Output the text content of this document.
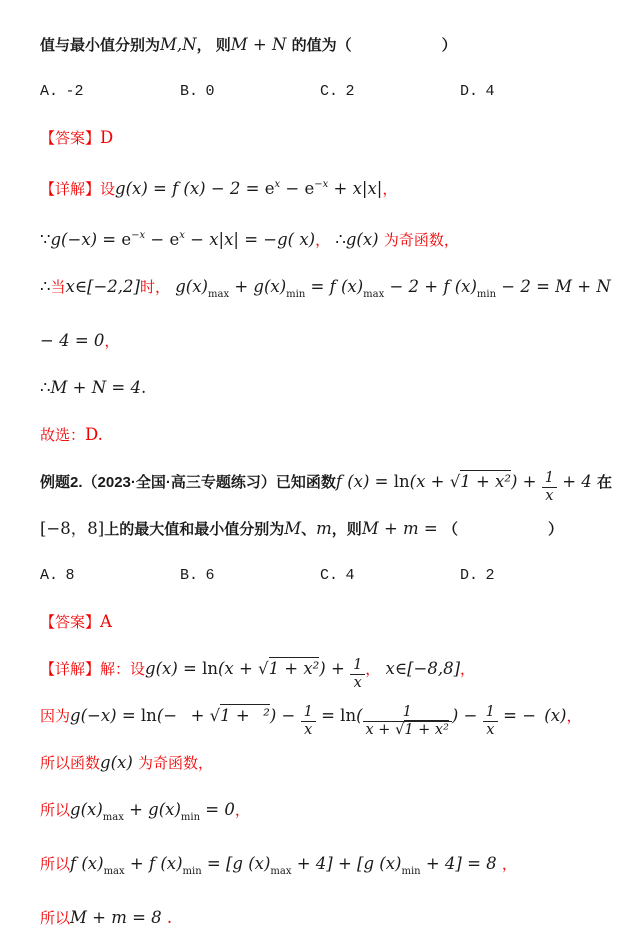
值与最小值分别为M,N， 则M + N 的值为（　　　　　　）
A. -2	B. 0	C. 2	D. 4
【答案】D
【详解】设g(x) = f $(x) - 2 = e^x - e^{-x} + x|x|$，
∵g(−x) = $e^{-x} - e^x - x|x| = -g$( x)， ∴g(x) 为奇函数，
∴当x∈[−2,2]时， $g(x)_{max} + g(x)_{min} = f$ $(x)_{max} - 2 + f$ $(x)_{min} - 2 = M + N - 4 = 0$，
∴M + N = 4.
故选：D.
例题2.（2023·全国·高三专题练习）已知函数f $(x) = \ln(x + √1 + x^2) + \frac{1}{x} + 4$ 在[−8，8]上的最大值和最小值分别为M、m，则M + m = （　　　　　　）
A. 8	B. 6	C. 4	D. 2
【答案】A
【详解】解：设$g(x) = \ln(x + √1 + x^2) + \frac{1}{x}$ ， x∈[−8,8]，
因为g(−x) = ln(−  + √1 +  $^2) - \frac{1}{x} = \ln( \frac{1}{\text{x + √1 + x²}}$ ) − $\frac{1}{x}$ = − (x)，
所以函数g(x) 为奇函数，
所以$g(x)_{max} + g(x)_{min} = 0$，
所以f $(x)_{max} + f$ $(x)_{min} = [g$ $(x)_{max} + 4] + [g$ $(x)_{min} + 4] = 8$ ，
所以M + m = 8 .
